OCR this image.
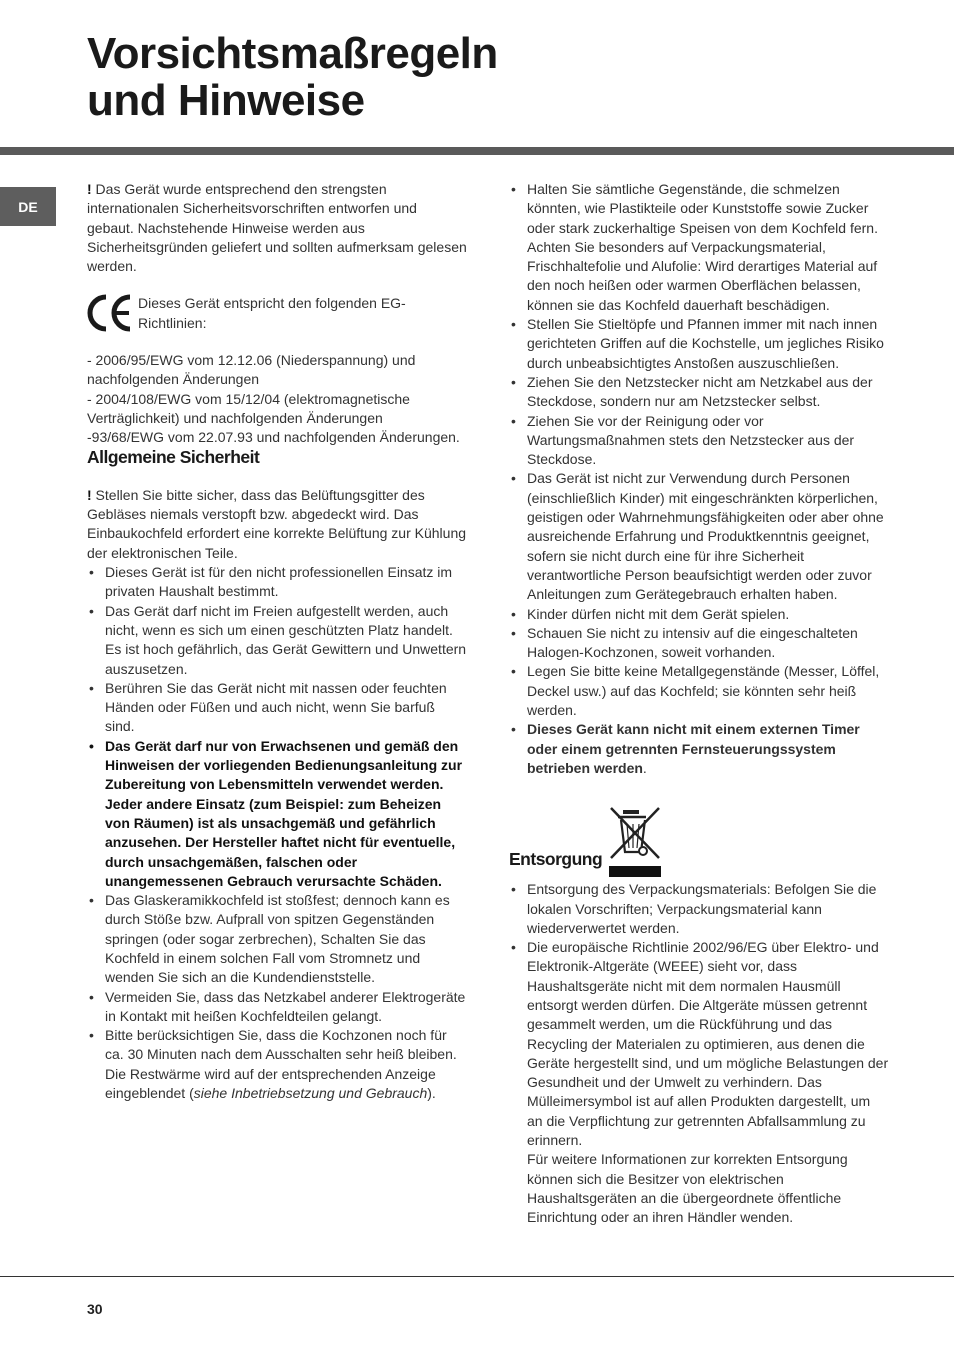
Vorsichtsmaßregeln
und Hinweise
DE

! Das Gerät wurde entsprechend den strengsten internationalen Sicherheitsvorschriften entworfen und gebaut. Nachstehende Hinweise werden aus Sicherheitsgründen geliefert und sollten aufmerksam gelesen werden.

Dieses Gerät entspricht den folgenden EG-Richtlinien:

- 2006/95/EWG vom 12.12.06 (Niederspannung) und nachfolgenden Änderungen

- 2004/108/EWG vom 15/12/04 (elektromagnetische Verträglichkeit) und nachfolgenden Änderungen

-93/68/EWG vom 22.07.93 und nachfolgenden Änderungen.

Allgemeine Sicherheit

! Stellen Sie bitte sicher, dass das Belüftungsgitter des Gebläses niemals verstopft bzw. abgedeckt wird. Das Einbaukochfeld erfordert eine korrekte Belüftung zur Kühlung der elektronischen Teile.

• Dieses Gerät ist für den nicht professionellen Einsatz im privaten Haushalt bestimmt.
• Das Gerät darf nicht im Freien aufgestellt werden, auch nicht, wenn es sich um einen geschützten Platz handelt. Es ist hoch gefährlich, das Gerät Gewittern und Unwettern auszusetzen.
• Berühren Sie das Gerät nicht mit nassen oder feuchten Händen oder Füßen und auch nicht, wenn Sie barfuß sind.
• Das Gerät darf nur von Erwachsenen und gemäß den Hinweisen der vorliegenden Bedienungsanleitung zur Zubereitung von Lebensmitteln verwendet werden. Jeder andere Einsatz (zum Beispiel: zum Beheizen von Räumen) ist als unsachgemäß und gefährlich anzusehen. Der Hersteller haftet nicht für eventuelle, durch unsachgemäßen, falschen oder unangemessenen Gebrauch verursachte Schäden.
• Das Glaskeramikkochfeld ist stoßfest; dennoch kann es durch Stöße bzw. Aufprall von spitzen Gegenständen springen (oder sogar zerbrechen), Schalten Sie das Kochfeld in einem solchen Fall vom Stromnetz und wenden Sie sich an die Kundendienststelle.
• Vermeiden Sie, dass das Netzkabel anderer Elektrogeräte in Kontakt mit heißen Kochfeldteilen gelangt.
• Bitte berücksichtigen Sie, dass die Kochzonen noch für ca. 30 Minuten nach dem Ausschalten sehr heiß bleiben. Die Restwärme wird auf der entsprechenden Anzeige eingeblendet (siehe Inbetriebsetzung und Gebrauch).
• Halten Sie sämtliche Gegenstände, die schmelzen könnten, wie Plastikteile oder Kunststoffe sowie Zucker oder stark zuckerhaltige Speisen von dem Kochfeld fern. Achten Sie besonders auf Verpackungsmaterial, Frischhaltefolie und Alufolie: Wird derartiges Material auf den noch heißen oder warmen Oberflächen belassen, können sie das Kochfeld dauerhaft beschädigen.
• Stellen Sie Stieltöpfe und Pfannen immer mit nach innen gerichteten Griffen auf die Kochstelle, um jegliches Risiko durch unbeabsichtigtes Anstoßen auszuschließen.
• Ziehen Sie den Netzstecker nicht am Netzkabel aus der Steckdose, sondern nur am Netzstecker selbst.
• Ziehen Sie vor der Reinigung oder vor Wartungsmaßnahmen stets den Netzstecker aus der Steckdose.
• Das Gerät ist nicht zur Verwendung durch Personen (einschließlich Kinder) mit eingeschränkten körperlichen, geistigen oder Wahrnehmungsfähigkeiten oder aber ohne ausreichende Erfahrung und Produktkenntnis geeignet, sofern sie nicht durch eine für ihre Sicherheit verantwortliche Person beaufsichtigt werden oder zuvor Anleitungen zum Gerätegebrauch erhalten haben.
• Kinder dürfen nicht mit dem Gerät spielen.
• Schauen Sie nicht zu intensiv auf die eingeschalteten Halogen-Kochzonen, soweit vorhanden.
• Legen Sie bitte keine Metallgegenstände (Messer, Löffel, Deckel usw.) auf das Kochfeld; sie könnten sehr heiß werden.
• Dieses Gerät kann nicht mit einem externen Timer oder einem getrennten Fernsteuerungssystem betrieben werden.
Entsorgung
• Entsorgung des Verpackungsmaterials: Befolgen Sie die lokalen Vorschriften; Verpackungsmaterial kann wiederverwertet werden.
• Die europäische Richtlinie 2002/96/EG über Elektro- und Elektronik-Altgeräte (WEEE) sieht vor, dass Haushaltsgeräte nicht mit dem normalen Hausmüll entsorgt werden dürfen. Die Altgeräte müssen getrennt gesammelt werden, um die Rückführung und das Recycling der Materialen zu optimieren, aus denen die Geräte hergestellt sind, und um mögliche Belastungen der Gesundheit und der Umwelt zu verhindern. Das Mülleimersymbol ist auf allen Produkten dargestellt, um an die Verpflichtung zur getrennten Abfallsammlung zu erinnern.
Für weitere Informationen zur korrekten Entsorgung können sich die Besitzer von elektrischen Haushaltsgeräten an die übergeordnete öffentliche Einrichtung oder an ihren Händler wenden.
30
